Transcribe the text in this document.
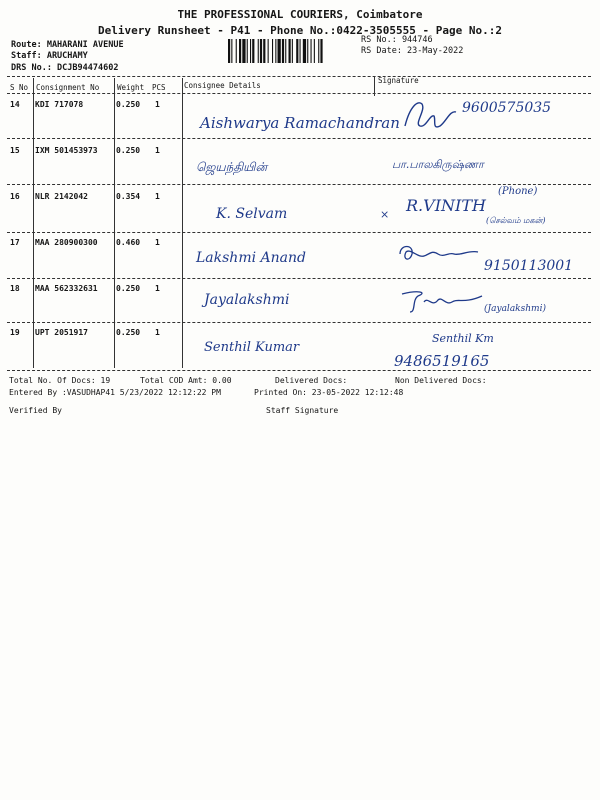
THE PROFESSIONAL COURIERS, Coimbatore
Delivery Runsheet - P41 - Phone No.:0422-3505555 - Page No.:2
Route: MAHARANI AVENUE
Staff: ARUCHAMY
DRS No.: DCJB94474602
RS No.: 944746
RS Date: 23-May-2022
S No Consignment No Weight PCS Consignee Details
Signature
14 KDI 717078	0.250 1
Aishwarya Ramachandran
9600575035
15 IXM 501453973 0.250 1
ஜெயந்தியின்	பா.பாலகிருஷ்ணா
16 NLR 2142042	0.354 1
K. Selvam	× R.VINITH
(Phone)
(செல்வம் மகன்)
17 MAA 280900300 0.460 1
Lakshmi Anand	9150113001
18 MAA 562332631 0.250 1
Jayalakshmi
(Jayalakshmi)
19 UPT 2051917	0.250 1
Senthil Kumar
Senthil Km
9486519165
Total No. Of Docs: 19	Total COD Amt: 0.00	Delivered Docs:	Non Delivered Docs:
Entered By :VASUDHAP41 5/23/2022 12:12:22 PM	Printed On: 23-05-2022 12:12:48
Verified By	Staff Signature
